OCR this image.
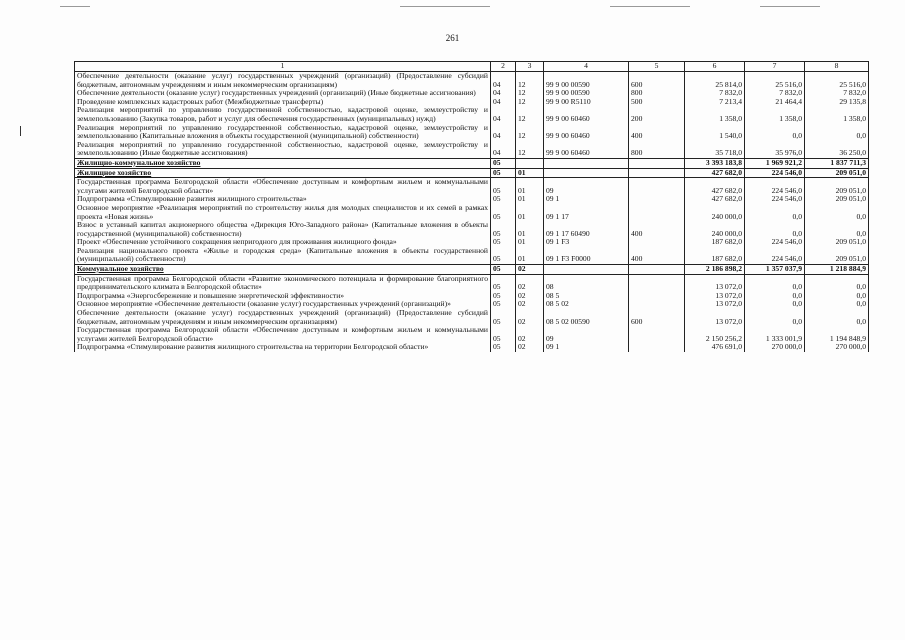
261
1	2	3	4	5	6	7	8
Обеспечение деятельности (оказание услуг) государственных учреждений (организаций) (Предоставление субсидий бюджетным, автономным учреждениям и иным некоммерческим организациям)	04	12	99 9 00 00590	600	25 814,0	25 516,0	25 516,0
Обеспечение деятельности (оказание услуг) государственных учреждений (организаций) (Иные бюджетные ассигнования)	04	12	99 9 00 00590	800	7 832,0	7 832,0	7 832,0
Проведение комплексных кадастровых работ (Межбюджетные трансферты)	04	12	99 9 00 R5110	500	7 213,4	21 464,4	29 135,8
Реализация мероприятий по управлению государственной собственностью, кадастровой оценке, землеустройству и землепользованию (Закупка товаров, работ и услуг для обеспечения государственных (муниципальных) нужд)	04	12	99 9 00 60460	200	1 358,0	1 358,0	1 358,0
Реализация мероприятий по управлению государственной собственностью, кадастровой оценке, землеустройству и землепользованию (Капитальные вложения в объекты государственной (муниципальной) собственности)	04	12	99 9 00 60460	400	1 540,0	0,0	0,0
Реализация мероприятий по управлению государственной собственностью, кадастровой оценке, землеустройству и землепользованию (Иные бюджетные ассигнования)	04	12	99 9 00 60460	800	35 718,0	35 976,0	36 250,0
Жилищно-коммунальное хозяйство	05				3 393 183,8	1 969 921,2	1 837 711,3
Жилищное хозяйство	05	01			427 682,0	224 546,0	209 051,0
Государственная программа Белгородской области «Обеспечение доступным и комфортным жильем и коммунальными услугами жителей Белгородской области»	05	01	09		427 682,0	224 546,0	209 051,0
Подпрограмма «Стимулирование развития жилищного строительства»	05	01	09 1		427 682,0	224 546,0	209 051,0
Основное мероприятие «Реализация мероприятий по строительству жилья для молодых специалистов и их семей в рамках проекта «Новая жизнь»	05	01	09 1 17		240 000,0	0,0	0,0
Взнос в уставный капитал акционерного общества «Дирекция Юго-Западного района» (Капитальные вложения в объекты государственной (муниципальной) собственности)	05	01	09 1 17 60490	400	240 000,0	0,0	0,0
Проект «Обеспечение устойчивого сокращения непригодного для проживания жилищного фонда»	05	01	09 1 F3		187 682,0	224 546,0	209 051,0
Реализация национального проекта «Жилье и городская среда» (Капитальные вложения в объекты государственной (муниципальной) собственности)	05	01	09 1 F3 F0000	400	187 682,0	224 546,0	209 051,0
Коммунальное хозяйство	05	02			2 186 898,2	1 357 037,9	1 218 884,9
Государственная программа Белгородской области «Развитие экономического потенциала и формирование благоприятного предпринимательского климата в Белгородской области»	05	02	08		13 072,0	0,0	0,0
Подпрограмма «Энергосбережение и повышение энергетической эффективности»	05	02	08 5		13 072,0	0,0	0,0
Основное мероприятие «Обеспечение деятельности (оказание услуг) государственных учреждений (организаций)»	05	02	08 5 02		13 072,0	0,0	0,0
Обеспечение деятельности (оказание услуг) государственных учреждений (организаций) (Предоставление субсидий бюджетным, автономным учреждениям и иным некоммерческим организациям)	05	02	08 5 02 00590	600	13 072,0	0,0	0,0
Государственная программа Белгородской области «Обеспечение доступным и комфортным жильем и коммунальными услугами жителей Белгородской области»	05	02	09		2 150 256,2	1 333 001,9	1 194 848,9
Подпрограмма «Стимулирование развития жилищного строительства на территории Белгородской области»	05	02	09 1		476 691,0	270 000,0	270 000,0
